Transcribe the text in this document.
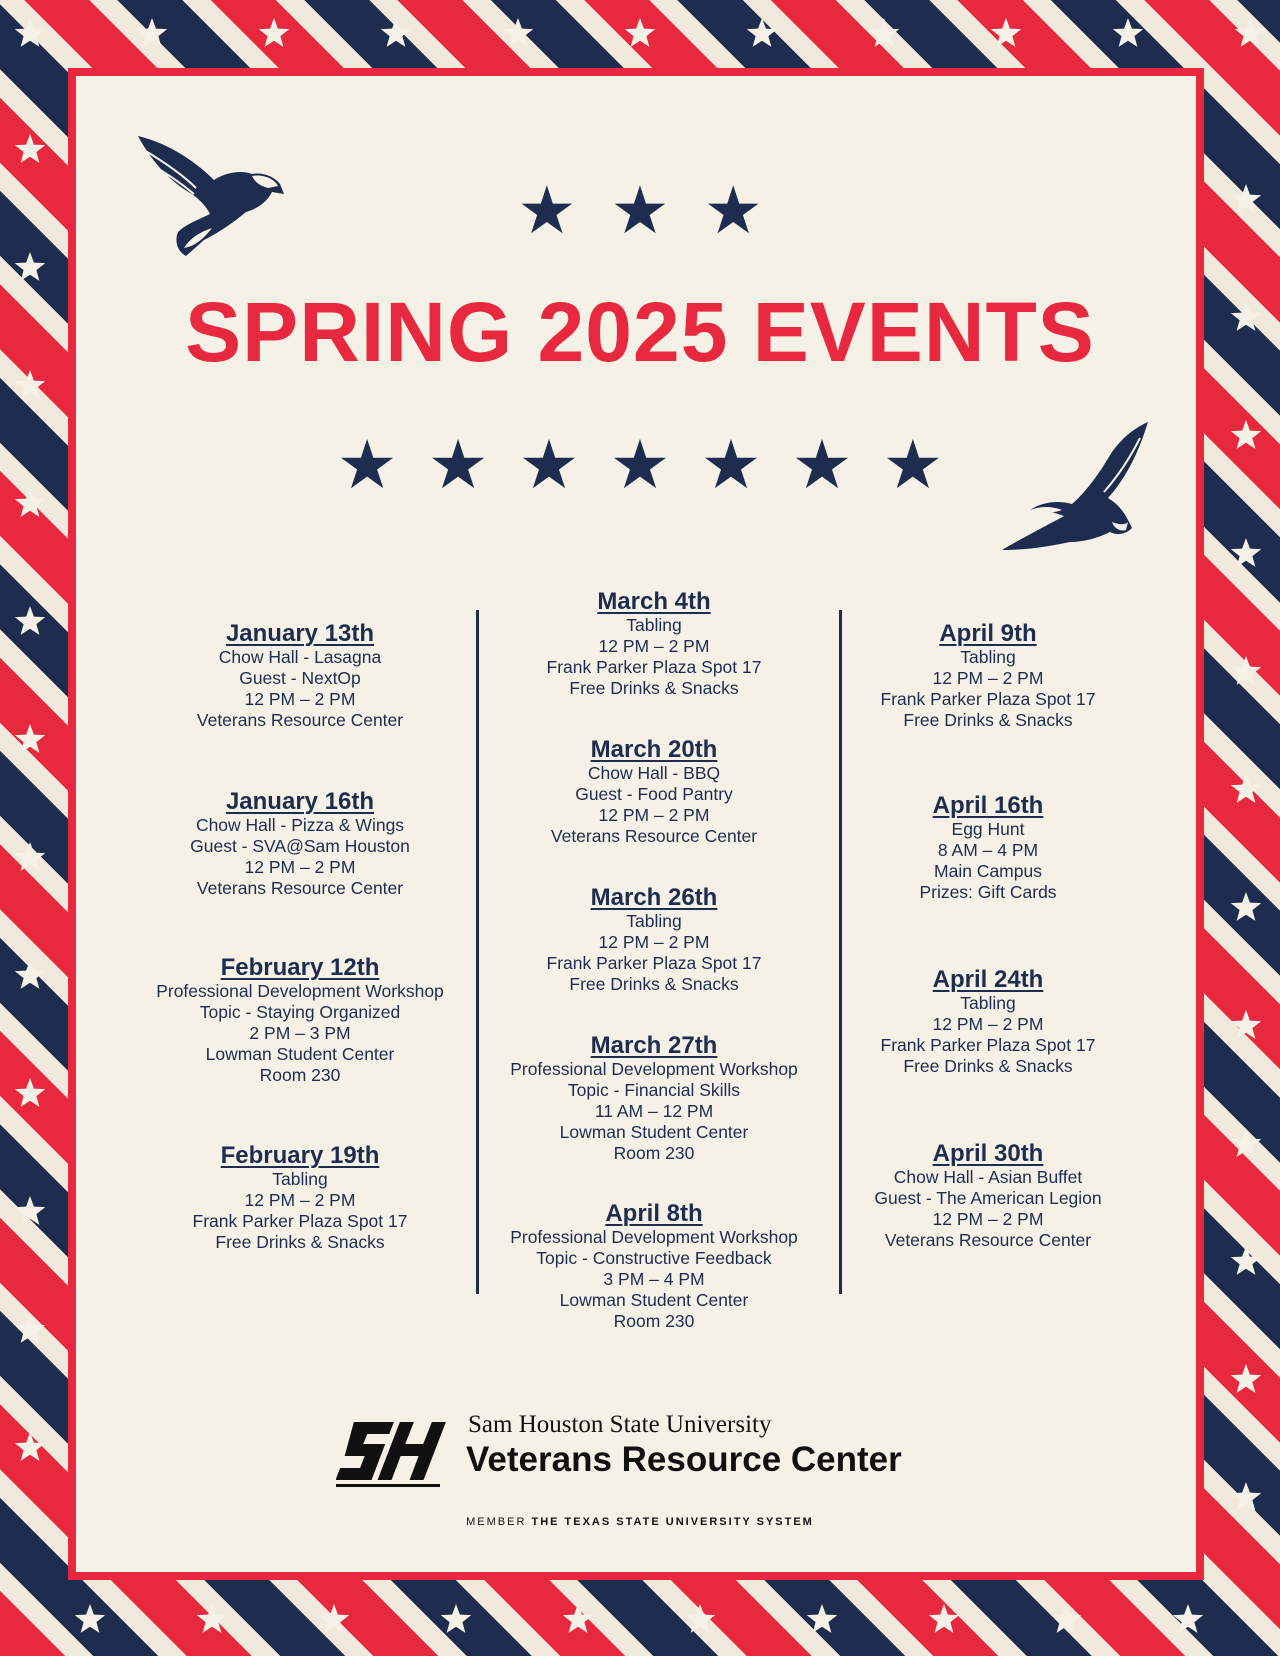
★ ★ ★
SPRING 2025 EVENTS
★ ★ ★ ★ ★ ★ ★
January 13th
Chow Hall - Lasagna
Guest - NextOp
12 PM – 2 PM
Veterans Resource Center
January 16th
Chow Hall - Pizza & Wings
Guest - SVA@Sam Houston
12 PM – 2 PM
Veterans Resource Center
February 12th
Professional Development Workshop
Topic - Staying Organized
2 PM – 3 PM
Lowman Student Center
Room 230
February 19th
Tabling
12 PM – 2 PM
Frank Parker Plaza Spot 17
Free Drinks & Snacks
March 4th
Tabling
12 PM – 2 PM
Frank Parker Plaza Spot 17
Free Drinks & Snacks
March 20th
Chow Hall - BBQ
Guest - Food Pantry
12 PM – 2 PM
Veterans Resource Center
March 26th
Tabling
12 PM – 2 PM
Frank Parker Plaza Spot 17
Free Drinks & Snacks
March 27th
Professional Development Workshop
Topic - Financial Skills
11 AM – 12 PM
Lowman Student Center
Room 230
April 8th
Professional Development Workshop
Topic - Constructive Feedback
3 PM – 4 PM
Lowman Student Center
Room 230
April 9th
Tabling
12 PM – 2 PM
Frank Parker Plaza Spot 17
Free Drinks & Snacks
April 16th
Egg Hunt
8 AM – 4 PM
Main Campus
Prizes: Gift Cards
April 24th
Tabling
12 PM – 2 PM
Frank Parker Plaza Spot 17
Free Drinks & Snacks
April 30th
Chow Hall - Asian Buffet
Guest - The American Legion
12 PM – 2 PM
Veterans Resource Center
Sam Houston State University
Veterans Resource Center
MEMBER THE TEXAS STATE UNIVERSITY SYSTEM
